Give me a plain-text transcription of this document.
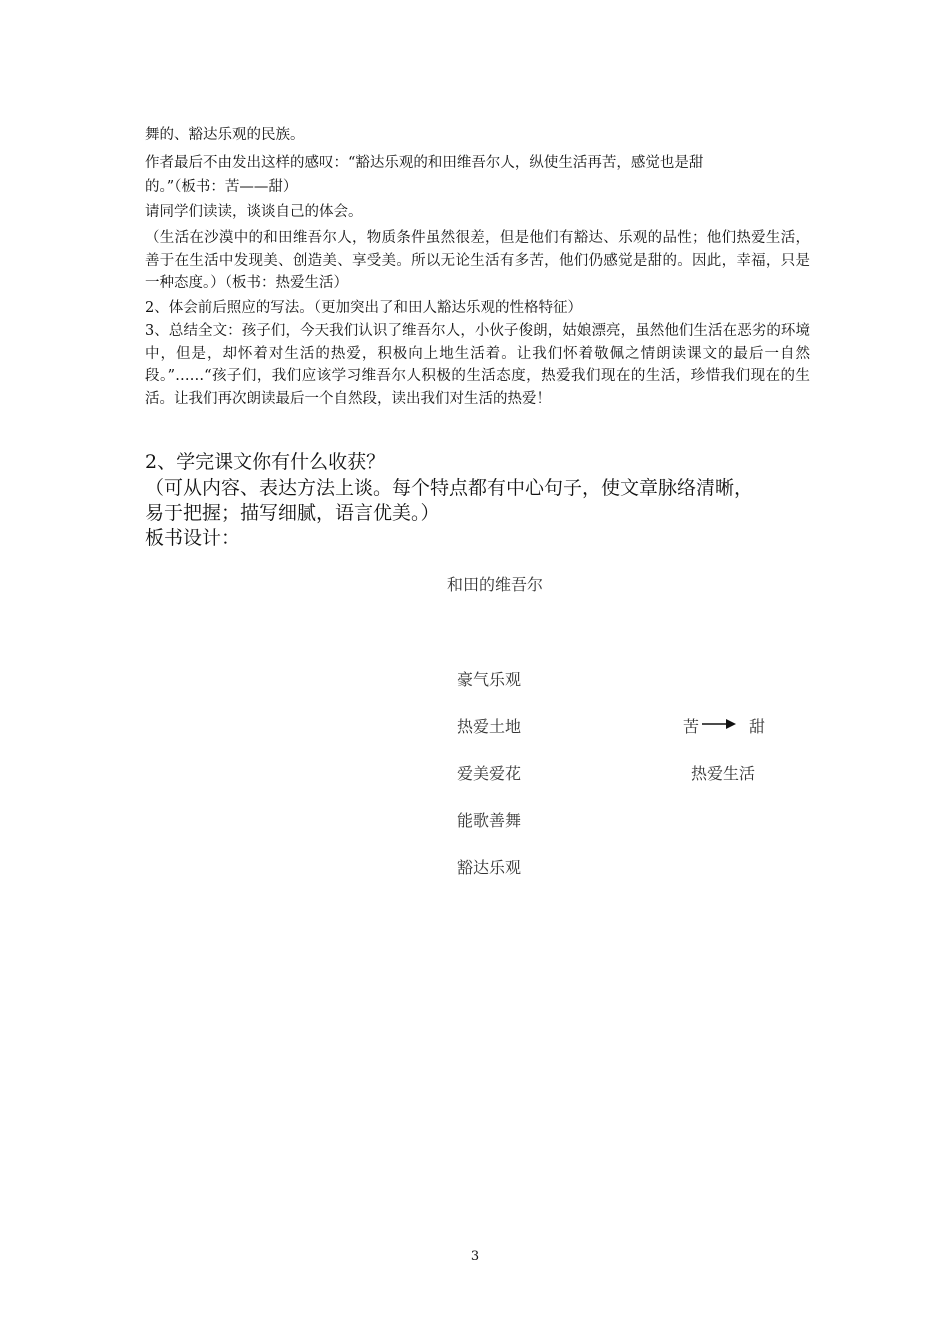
舞的、豁达乐观的民族。

作者最后不由发出这样的感叹：“豁达乐观的和田维吾尔人，纵使生活再苦，感觉也是甜

的。”（板书：苦——甜）

请同学们读读，谈谈自己的体会。

（生活在沙漠中的和田维吾尔人，物质条件虽然很差，但是他们有豁达、乐观的品性；他们热爱生活，善于在生活中发现美、创造美、享受美。所以无论生活有多苦，他们仍感觉是甜的。因此，幸福，只是一种态度。）（板书：热爱生活）

2、体会前后照应的写法。（更加突出了和田人豁达乐观的性格特征）

3、总结全文：孩子们，今天我们认识了维吾尔人，小伙子俊朗，姑娘漂亮，虽然他们生活在恶劣的环境中，但是，却怀着对生活的热爱，积极向上地生活着。让我们怀着敬佩之情朗读课文的最后一自然段。”……“孩子们，我们应该学习维吾尔人积极的生活态度，热爱我们现在的生活，珍惜我们现在的生活。让我们再次朗读最后一个自然段，读出我们对生活的热爱！

2、学完课文你有什么收获？

（可从内容、表达方法上谈。每个特点都有中心句子，使文章脉络清晰，

易于把握；描写细腻，语言优美。）

板书设计：

和田的维吾尔

豪气乐观

热爱土地

爱美爱花

能歌善舞

豁达乐观

苦	甜

热爱生活

3
